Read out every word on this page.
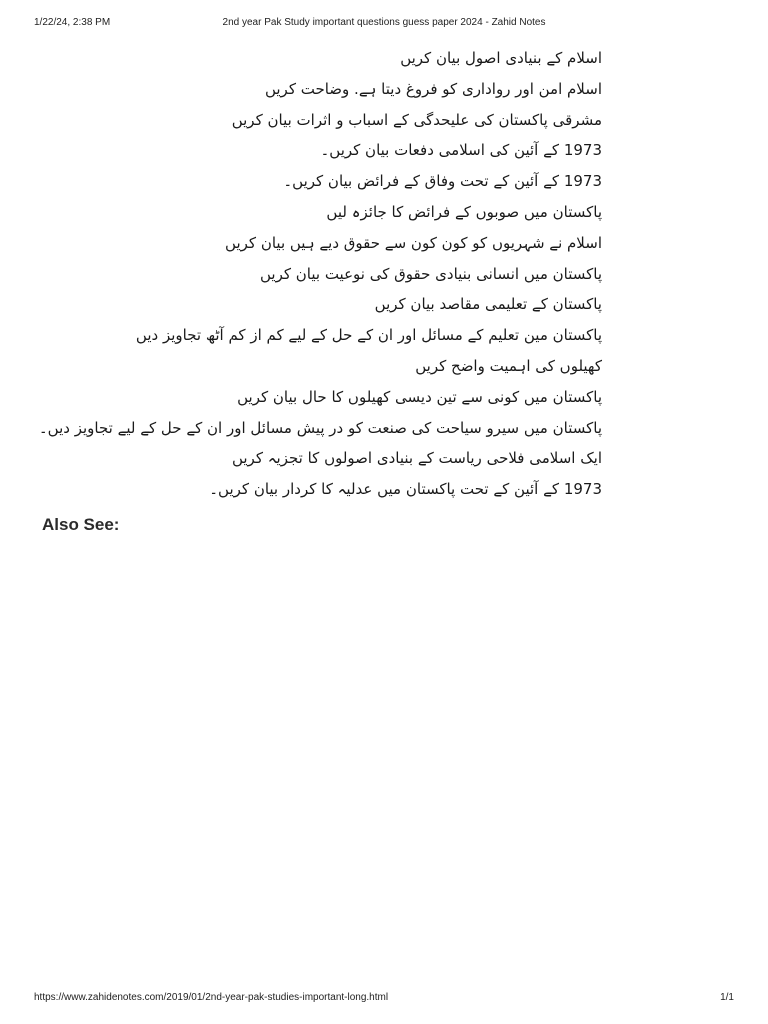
1/22/24, 2:38 PM	2nd year Pak Study important questions guess paper 2024 - Zahid Notes
اسلام کے بنیادی اصول بیان کریں
اسلام امن اور رواداری کو فروغ دیتا ہے. وضاحت کریں
مشرقی پاکستان کی علیحدگی کے اسباب و اثرات بیان کریں
1973 کے آئین کی اسلامی دفعات بیان کریں۔
1973 کے آئین کے تحت وفاق کے فرائض بیان کریں۔
پاکستان میں صوبوں کے فرائض کا جائزہ لیں
اسلام نے شہریوں کو کون کون سے حقوق دیے ہیں بیان کریں
پاکستان میں انسانی بنیادی حقوق کی نوعیت بیان کریں
پاکستان کے تعلیمی مقاصد بیان کریں
پاکستان مین تعلیم کے مسائل اور ان کے حل کے لیے کم از کم آٹھ تجاویز دیں
کھیلوں کی اہمیت واضح کریں
پاکستان میں کونی سے تین دیسی کھیلوں کا حال بیان کریں
پاکستان میں سیرو سیاحت کی صنعت کو در پیش مسائل اور ان کے حل کے لیے تجاویز دیں۔
ایک اسلامی فلاحی ریاست کے بنیادی اصولوں کا تجزیہ کریں
1973 کے آئین کے تحت پاکستان میں عدلیہ کا کردار بیان کریں۔
Also See:
https://www.zahidenotes.com/2019/01/2nd-year-pak-studies-important-long.html	1/1
